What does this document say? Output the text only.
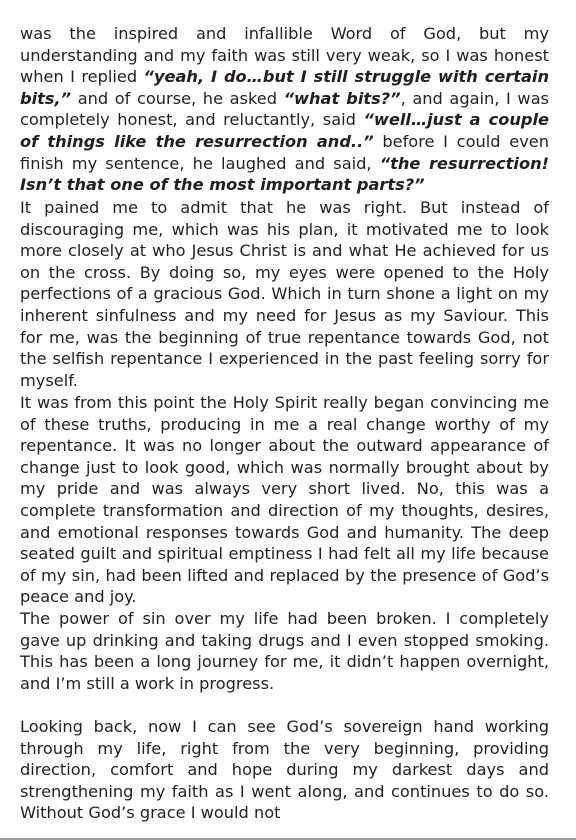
was the inspired and infallible Word of God, but my understanding and my faith was still very weak, so I was honest when I replied “yeah, I do…but I still struggle with certain bits,” and of course, he asked “what bits?”, and again, I was completely honest, and reluctantly, said “well…just a couple of things like the resurrection and..” before I could even finish my sentence, he laughed and said, “the resurrection! Isn’t that one of the most important parts?”

It pained me to admit that he was right. But instead of discouraging me, which was his plan, it motivated me to look more closely at who Jesus Christ is and what He achieved for us on the cross. By doing so, my eyes were opened to the Holy perfections of a gracious God. Which in turn shone a light on my inherent sinfulness and my need for Jesus as my Saviour. This for me, was the beginning of true repentance towards God, not the selfish repentance I experienced in the past feeling sorry for myself.

It was from this point the Holy Spirit really began convincing me of these truths, producing in me a real change worthy of my repentance. It was no longer about the outward appearance of change just to look good, which was normally brought about by my pride and was always very short lived. No, this was a complete transformation and direction of my thoughts, desires, and emotional responses towards God and humanity. The deep seated guilt and spiritual emptiness I had felt all my life because of my sin, had been lifted and replaced by the presence of God’s peace and joy.

The power of sin over my life had been broken. I completely gave up drinking and taking drugs and I even stopped smoking. This has been a long journey for me, it didn’t happen overnight, and I’m still a work in progress.

Looking back, now I can see God’s sovereign hand working through my life, right from the very beginning, providing direction, comfort and hope during my darkest days and strengthening my faith as I went along, and continues to do so. Without God’s grace I would not
